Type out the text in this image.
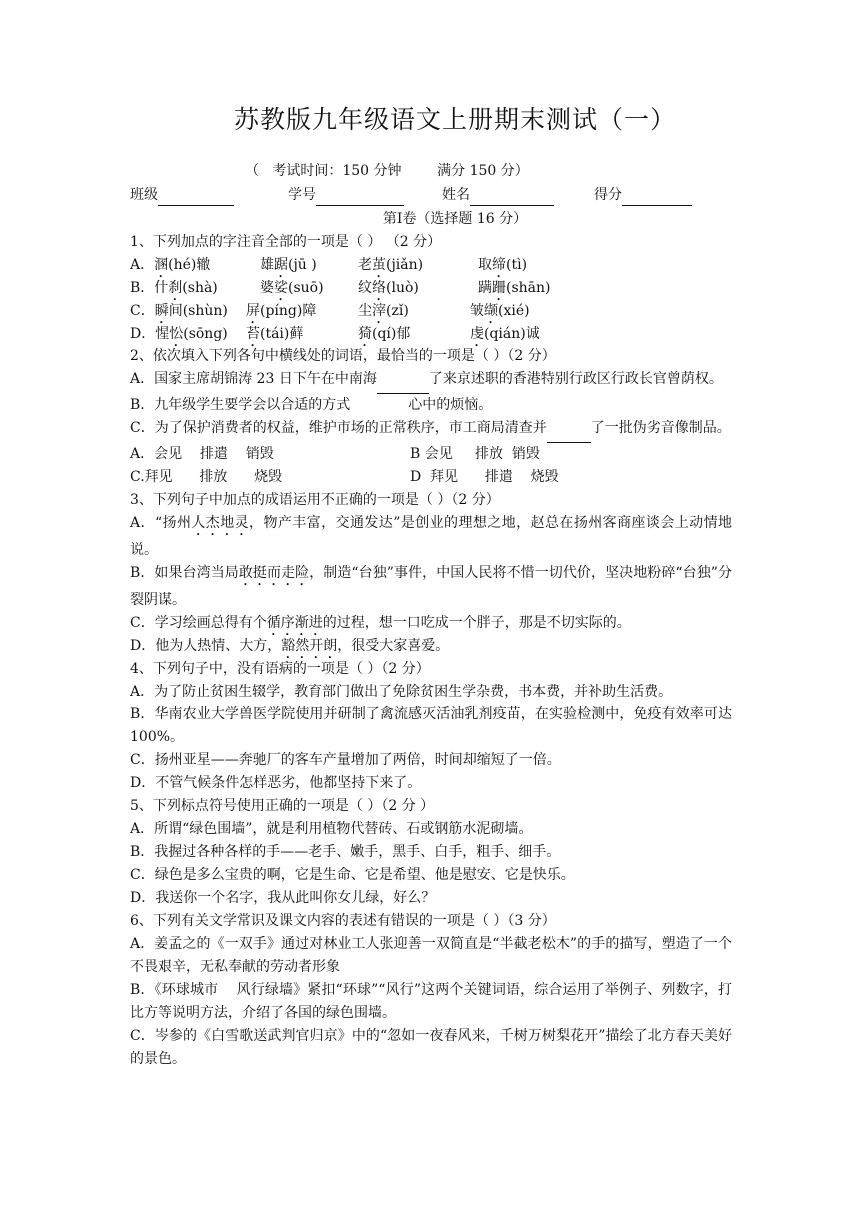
苏教版九年级语文上册期末测试（一）
（   考试时间：150 分钟        满分 150 分）
班级	学号	姓名	得分
第Ⅰ卷（选择题 16 分）
1、下列加点的字注音全部的一项是（ ） （2 分）
A．溷(hé)辙	雄踞(jū )	老茧(jiǎn)	取缔(tì)
B．什刹(shà)	婆娑(suō) 纹络(luò)	蹒跚(shān)
C．瞬间(shùn) 屏(píng)障	尘滓(zǐ)	皱缬(xié)
D．惺忪(sōng) 苔(tái)藓	猗(qí)郁	虔(qián)诚
2、依次填入下列各句中横线处的词语，最恰当的一项是（ ）（2 分）
A．国家主席胡锦涛 23 日下午在中南海	了来京述职的香港特别行政区行政长官曾荫权。
B．九年级学生要学会以合适的方式	心中的烦恼。
C．为了保护消费者的权益，维护市场的正常秩序，市工商局清查并	了一批伪劣音像制品。
A．会见    排遣    销毁	B 会见     排放  销毁
C.拜见      排放      烧毁	D  拜见      排遣    烧毁
3、下列句子中加点的成语运用不正确的一项是（ ）（2 分）
A．“扬州人杰地灵，物产丰富，交通发达”是创业的理想之地，赵总在扬州客商座谈会上动情地说。
B．如果台湾当局敢挺而走险，制造“台独”事件，中国人民将不惜一切代价，坚决地粉碎“台独”分裂阴谋。
C．学习绘画总得有个循序渐进的过程，想一口吃成一个胖子，那是不切实际的。
D．他为人热情、大方，豁然开朗，很受大家喜爱。
4、下列句子中，没有语病的一项是（ ）（2 分）
A．为了防止贫困生辍学，教育部门做出了免除贫困生学杂费，书本费，并补助生活费。
B．华南农业大学兽医学院使用并研制了禽流感灭活油乳剂疫苗，在实验检测中，免疫有效率可达 100%。
C．扬州亚星——奔驰厂的客车产量增加了两倍，时间却缩短了一倍。
D．不管气候条件怎样恶劣，他都坚持下来了。
5、下列标点符号使用正确的一项是（ ）（2 分 ）
A．所谓“绿色围墙”，就是利用植物代替砖、石或钢筋水泥砌墙。
B．我握过各种各样的手——老手、嫩手，黑手、白手，粗手、细手。
C．绿色是多么宝贵的啊，它是生命、它是希望、他是慰安、它是快乐。
D．我送你一个名字，我从此叫你女儿绿，好么？
6、下列有关文学常识及课文内容的表述有错误的一项是（ ）（3 分）
A．姜孟之的《一双手》通过对林业工人张迎善一双简直是“半截老松木”的手的描写，塑造了一个不畏艰辛，无私奉献的劳动者形象
B．《环球城市    风行绿墙》紧扣“环球”“风行”这两个关键词语，综合运用了举例子、列数字，打比方等说明方法，介绍了各国的绿色围墙。
C．岑参的《白雪歌送武判官归京》中的“忽如一夜春风来，千树万树梨花开”描绘了北方春天美好的景色。
